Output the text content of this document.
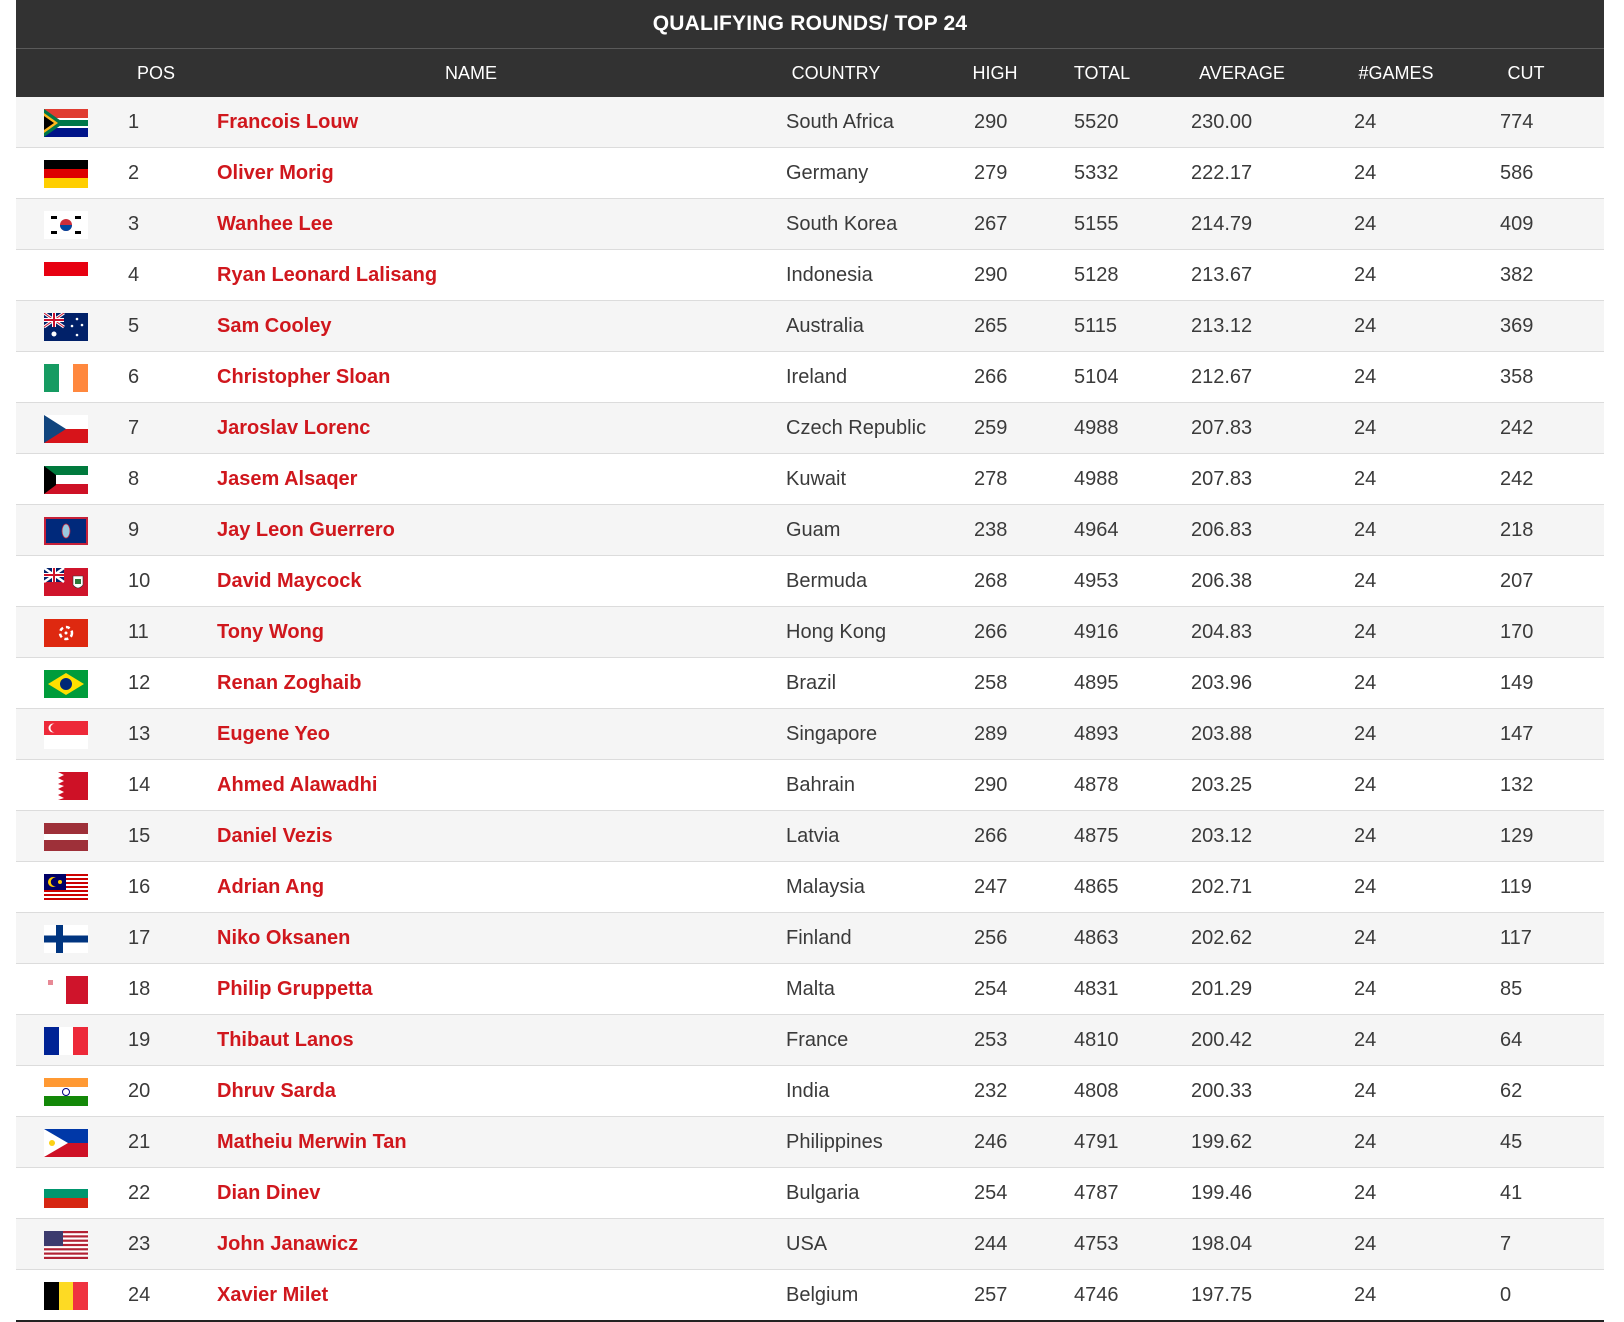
QUALIFYING ROUNDS/ TOP 24
POS	NAME	COUNTRY	HIGH	TOTAL	AVERAGE	#GAMES	CUT
1	Francois Louw	South Africa	290	5520	230.00	24	774
2	Oliver Morig	Germany	279	5332	222.17	24	586
3	Wanhee Lee	South Korea	267	5155	214.79	24	409
4	Ryan Leonard Lalisang	Indonesia	290	5128	213.67	24	382
5	Sam Cooley	Australia	265	5115	213.12	24	369
6	Christopher Sloan	Ireland	266	5104	212.67	24	358
7	Jaroslav Lorenc	Czech Republic 259	4988	207.83	24	242
8	Jasem Alsaqer	Kuwait	278	4988	207.83	24	242
9	Jay Leon Guerrero	Guam	238	4964	206.83	24	218
10	David Maycock	Bermuda	268	4953	206.38	24	207
11	Tony Wong	Hong Kong	266	4916	204.83	24	170
12	Renan Zoghaib	Brazil	258	4895	203.96	24	149
13	Eugene Yeo	Singapore	289	4893	203.88	24	147
14	Ahmed Alawadhi	Bahrain	290	4878	203.25	24	132
15	Daniel Vezis	Latvia	266	4875	203.12	24	129
16	Adrian Ang	Malaysia	247	4865	202.71	24	119
17	Niko Oksanen	Finland	256	4863	202.62	24	117
18	Philip Gruppetta	Malta	254	4831	201.29	24	85
19	Thibaut Lanos	France	253	4810	200.42	24	64
20	Dhruv Sarda	India	232	4808	200.33	24	62
21	Matheiu Merwin Tan	Philippines	246	4791	199.62	24	45
22	Dian Dinev	Bulgaria	254	4787	199.46	24	41
23	John Janawicz	USA	244	4753	198.04	24	7
24	Xavier Milet	Belgium	257	4746	197.75	24	0
